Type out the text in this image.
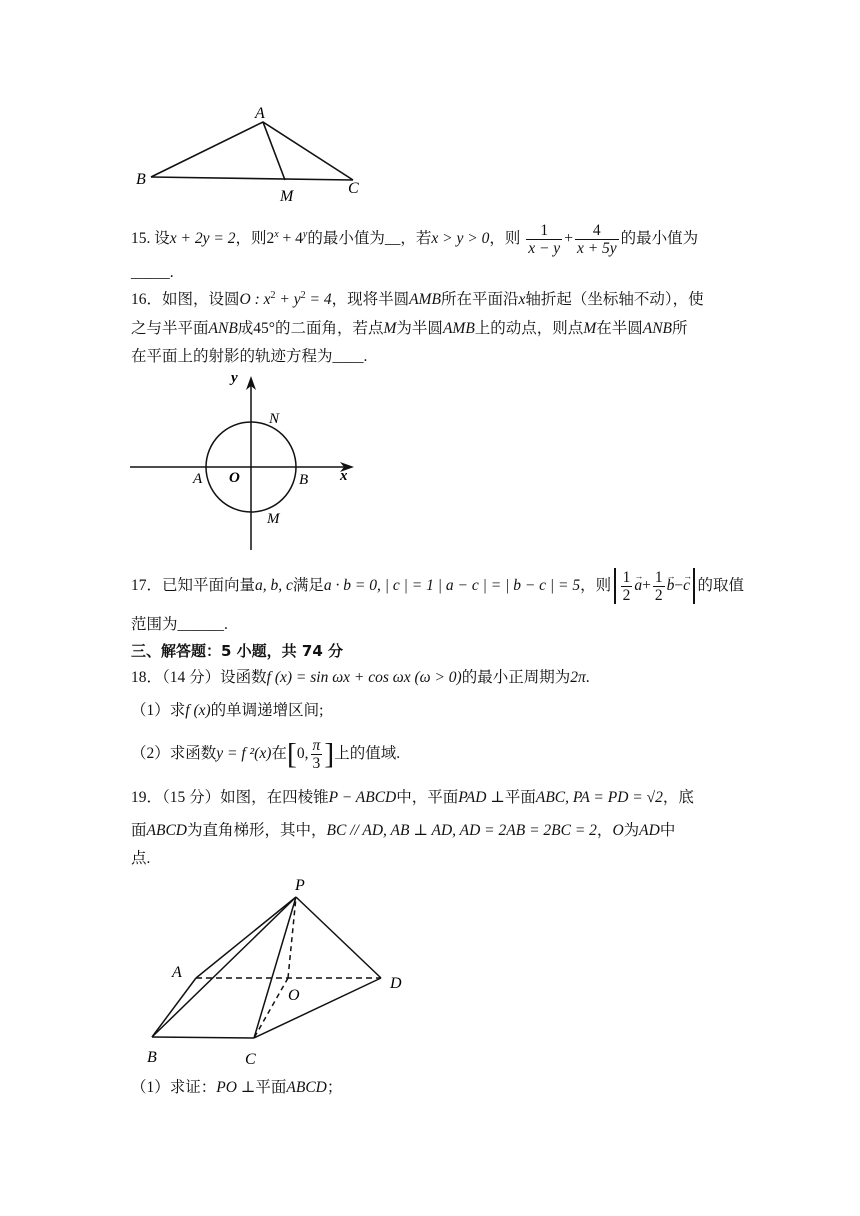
A
B
M	C
15. 设x + 2y = 2，则$2^x + 4^y$的最小值为__，若x > y > 0，则 $\frac{1}{x - y} + \frac{4}{x + 5y}$ 的最小值为
_____.
16．如图，设圆O : $x^2 + y^2 = 4$，现将半圆AMB所在平面沿x轴折起（坐标轴不动），使
之与半平面ANB成45°的二面角，若点M为半圆AMB上的动点，则点M在半圆ANB所
在平面上的射影的轨迹方程为____.
y
x
N
A O	B
M
17．已知平面向量a, b, c满足a · b = 0, | c | = 1 | a − c | = | b − c | = 5，则 $\frac{1}{2}$
→ $a+ \frac{1}{2}$
→ b−→ c 的取值
范围为______.
三、解答题：5 小题，共 74 分
18．（14 分）设函数f (x) = sin ωx + cos ωx (ω > 0)的最小正周期为2π.
（1）求f (x)的单调递增区间;
（2）求函数y = f ²(x)在[0, $\frac{\pi}{3}$ ]上的值域.
19．（15 分）如图，在四棱锥P − ABCD中，平面PAD ⊥平面ABC, PA = PD = √2，底
面ABCD为直角梯形，其中，BC // AD, AB ⊥ AD, AD = 2AB = 2BC = 2，O为AD中
点.
P
A
O
D
B	C
（1）求证：PO ⊥平面ABCD；
